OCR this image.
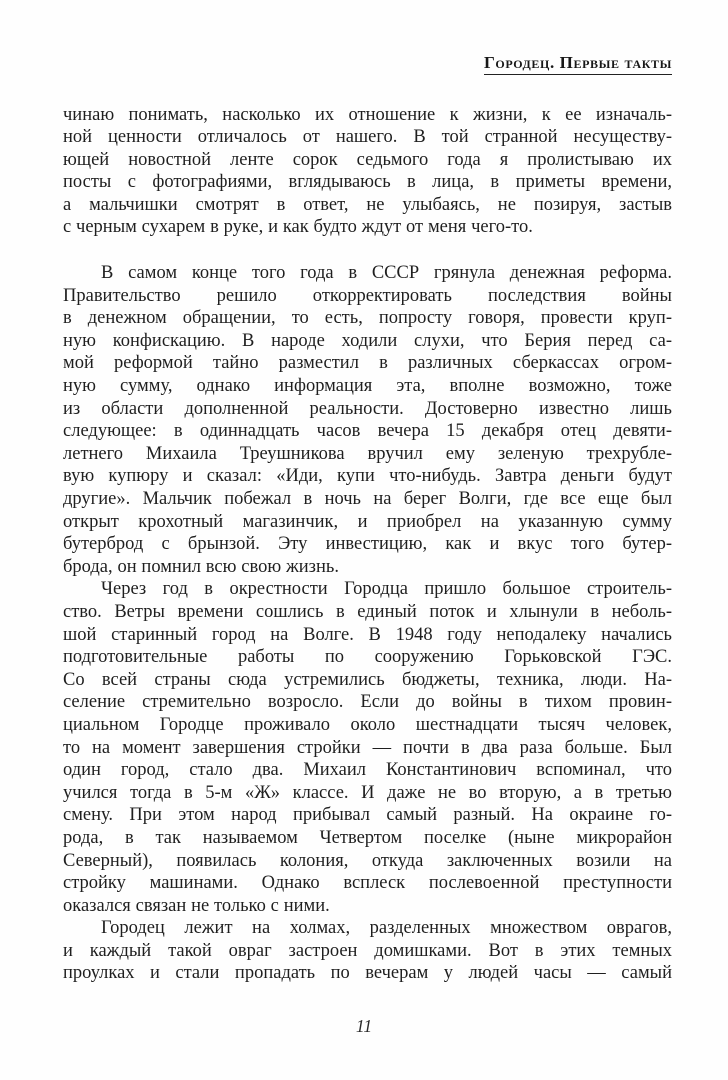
Городец. Первые такты
чинаю понимать, насколько их отношение к жизни, к ее изначаль-
ной ценности отличалось от нашего. В той странной несуществу-
ющей новостной ленте сорок седьмого года я пролистываю их
посты с фотографиями, вглядываюсь в лица, в приметы времени,
а мальчишки смотрят в ответ, не улыбаясь, не позируя, застыв
с черным сухарем в руке, и как будто ждут от меня чего-то.
В самом конце того года в СССР грянула денежная реформа.
Правительство решило откорректировать последствия войны
в денежном обращении, то есть, попросту говоря, провести круп-
ную конфискацию. В народе ходили слухи, что Берия перед са-
мой реформой тайно разместил в различных сберкассах огром-
ную сумму, однако информация эта, вполне возможно, тоже
из области дополненной реальности. Достоверно известно лишь
следующее: в одиннадцать часов вечера 15 декабря отец девяти-
летнего Михаила Треушникова вручил ему зеленую трехрубле-
вую купюру и сказал: «Иди, купи что-нибудь. Завтра деньги будут
другие». Мальчик побежал в ночь на берег Волги, где все еще был
открыт крохотный магазинчик, и приобрел на указанную сумму
бутерброд с брынзой. Эту инвестицию, как и вкус того бутер-
брода, он помнил всю свою жизнь.
Через год в окрестности Городца пришло большое строитель-
ство. Ветры времени сошлись в единый поток и хлынули в неболь-
шой старинный город на Волге. В 1948 году неподалеку начались
подготовительные работы по сооружению Горьковской ГЭС.
Со всей страны сюда устремились бюджеты, техника, люди. На-
селение стремительно возросло. Если до войны в тихом провин-
циальном Городце проживало около шестнадцати тысяч человек,
то на момент завершения стройки — почти в два раза больше. Был
один город, стало два. Михаил Константинович вспоминал, что
учился тогда в 5-м «Ж» классе. И даже не во вторую, а в третью
смену. При этом народ прибывал самый разный. На окраине го-
рода, в так называемом Четвертом поселке (ныне микрорайон
Северный), появилась колония, откуда заключенных возили на
стройку машинами. Однако всплеск послевоенной преступности
оказался связан не только с ними.
Городец лежит на холмах, разделенных множеством оврагов,
и каждый такой овраг застроен домишками. Вот в этих темных
проулках и стали пропадать по вечерам у людей часы — самый
11
